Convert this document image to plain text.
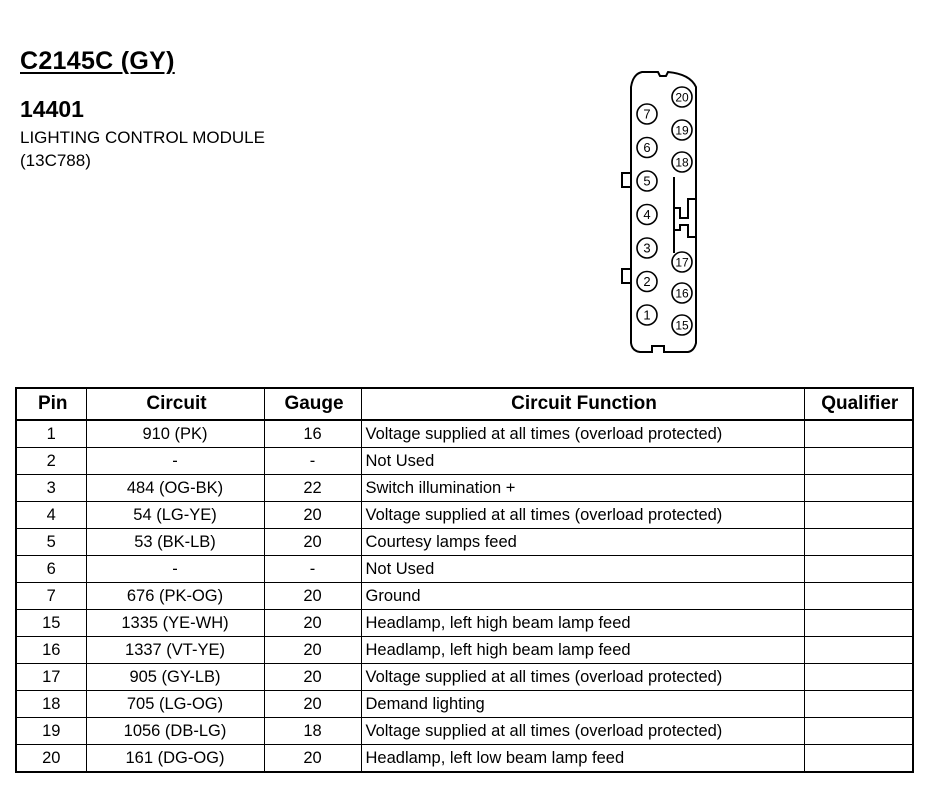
C2145C (GY)
14401
LIGHTING CONTROL MODULE
(13C788)
7
6
5
4
3
2
1
20
19
18
17
16
15
Pin	Circuit	Gauge	Circuit Function	Qualifier
1	910 (PK)	16	Voltage supplied at all times (overload protected)	
2	-	-	Not Used	
3	484 (OG-BK)	22	Switch illumination +	
4	54 (LG-YE)	20	Voltage supplied at all times (overload protected)	
5	53 (BK-LB)	20	Courtesy lamps feed	
6	-	-	Not Used	
7	676 (PK-OG)	20	Ground	
15	1335 (YE-WH)	20	Headlamp, left high beam lamp feed	
16	1337 (VT-YE)	20	Headlamp, left high beam lamp feed	
17	905 (GY-LB)	20	Voltage supplied at all times (overload protected)	
18	705 (LG-OG)	20	Demand lighting	
19	1056 (DB-LG)	18	Voltage supplied at all times (overload protected)	
20	161 (DG-OG)	20	Headlamp, left low beam lamp feed	
